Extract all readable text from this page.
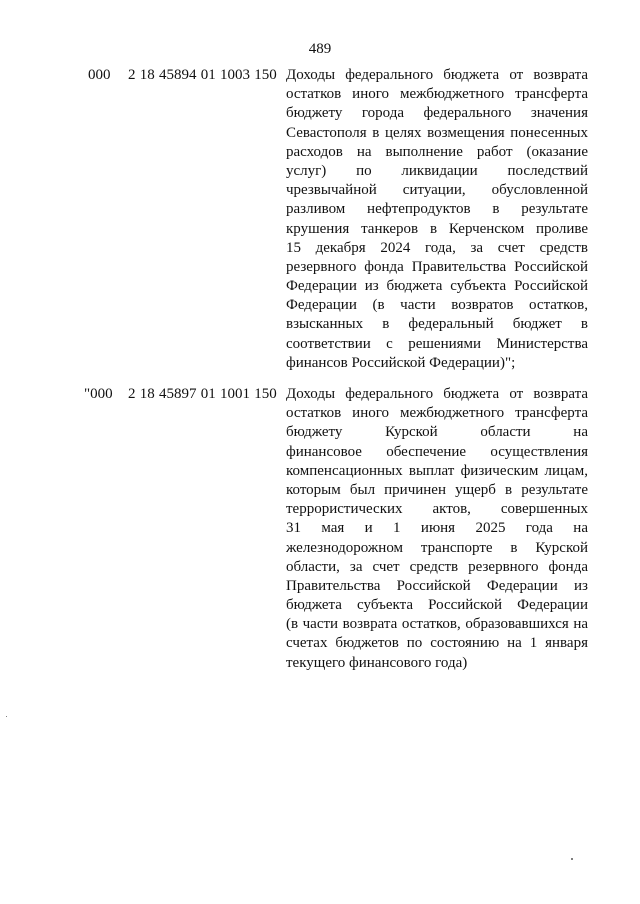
489
000 2 18 45894 01 1003 150 Доходы федерального бюджета от возврата
остатков иного межбюджетного трансферта
бюджету города федерального значения
Севастополя в целях возмещения понесенных
расходов на выполнение работ (оказание
услуг) по ликвидации последствий
чрезвычайной ситуации, обусловленной
разливом нефтепродуктов в результате
крушения танкеров в Керченском проливе
15 декабря 2024 года, за счет средств
резервного фонда Правительства Российской
Федерации из бюджета субъекта Российской
Федерации (в части возвратов остатков,
взысканных в федеральный бюджет в
соответствии с решениями Министерства
финансов Российской Федерации)";
"000 2 18 45897 01 1001 150 Доходы федерального бюджета от возврата
остатков иного межбюджетного трансферта
бюджету Курской области на
финансовое обеспечение осуществления
компенсационных выплат физическим лицам,
которым был причинен ущерб в результате
террористических актов, совершенных
31 мая и 1 июня 2025 года на
железнодорожном транспорте в Курской
области, за счет средств резервного фонда
Правительства Российской Федерации из
бюджета субъекта Российской Федерации
(в части возврата остатков, образовавшихся на
счетах бюджетов по состоянию на 1 января
текущего финансового года)
